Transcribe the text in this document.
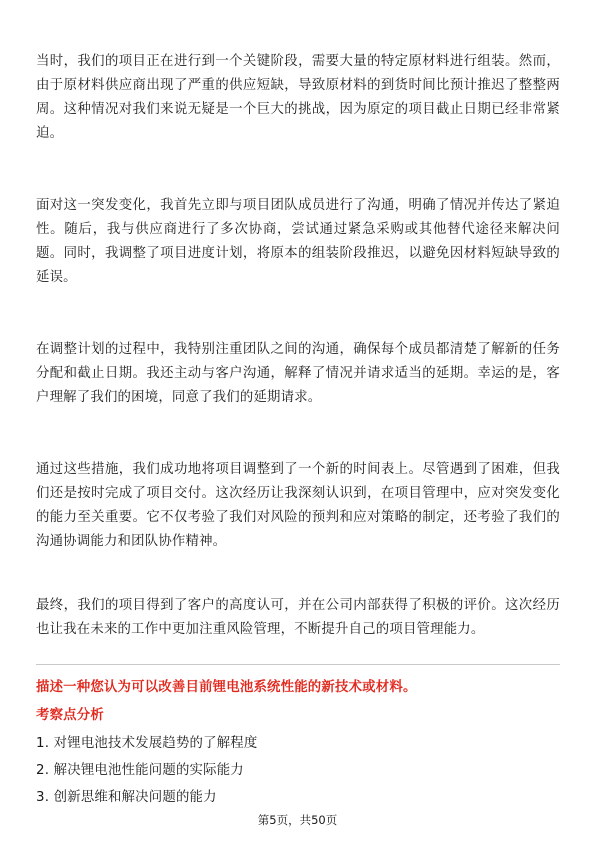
当时，我们的项目正在进行到一个关键阶段，需要大量的特定原材料进行组装。然而，由于原材料供应商出现了严重的供应短缺，导致原材料的到货时间比预计推迟了整整两周。这种情况对我们来说无疑是一个巨大的挑战，因为原定的项目截止日期已经非常紧迫。

面对这一突发变化，我首先立即与项目团队成员进行了沟通，明确了情况并传达了紧迫性。随后，我与供应商进行了多次协商，尝试通过紧急采购或其他替代途径来解决问题。同时，我调整了项目进度计划，将原本的组装阶段推迟，以避免因材料短缺导致的延误。

在调整计划的过程中，我特别注重团队之间的沟通，确保每个成员都清楚了解新的任务分配和截止日期。我还主动与客户沟通，解释了情况并请求适当的延期。幸运的是，客户理解了我们的困境，同意了我们的延期请求。

通过这些措施，我们成功地将项目调整到了一个新的时间表上。尽管遇到了困难，但我们还是按时完成了项目交付。这次经历让我深刻认识到，在项目管理中，应对突发变化的能力至关重要。它不仅考验了我们对风险的预判和应对策略的制定，还考验了我们的沟通协调能力和团队协作精神。

最终，我们的项目得到了客户的高度认可，并在公司内部获得了积极的评价。这次经历也让我在未来的工作中更加注重风险管理，不断提升自己的项目管理能力。

描述一种您认为可以改善目前锂电池系统性能的新技术或材料。
考察点分析
1. 对锂电池技术发展趋势的了解程度
2. 解决锂电池性能问题的实际能力
3. 创新思维和解决问题的能力
第5页，共50页
